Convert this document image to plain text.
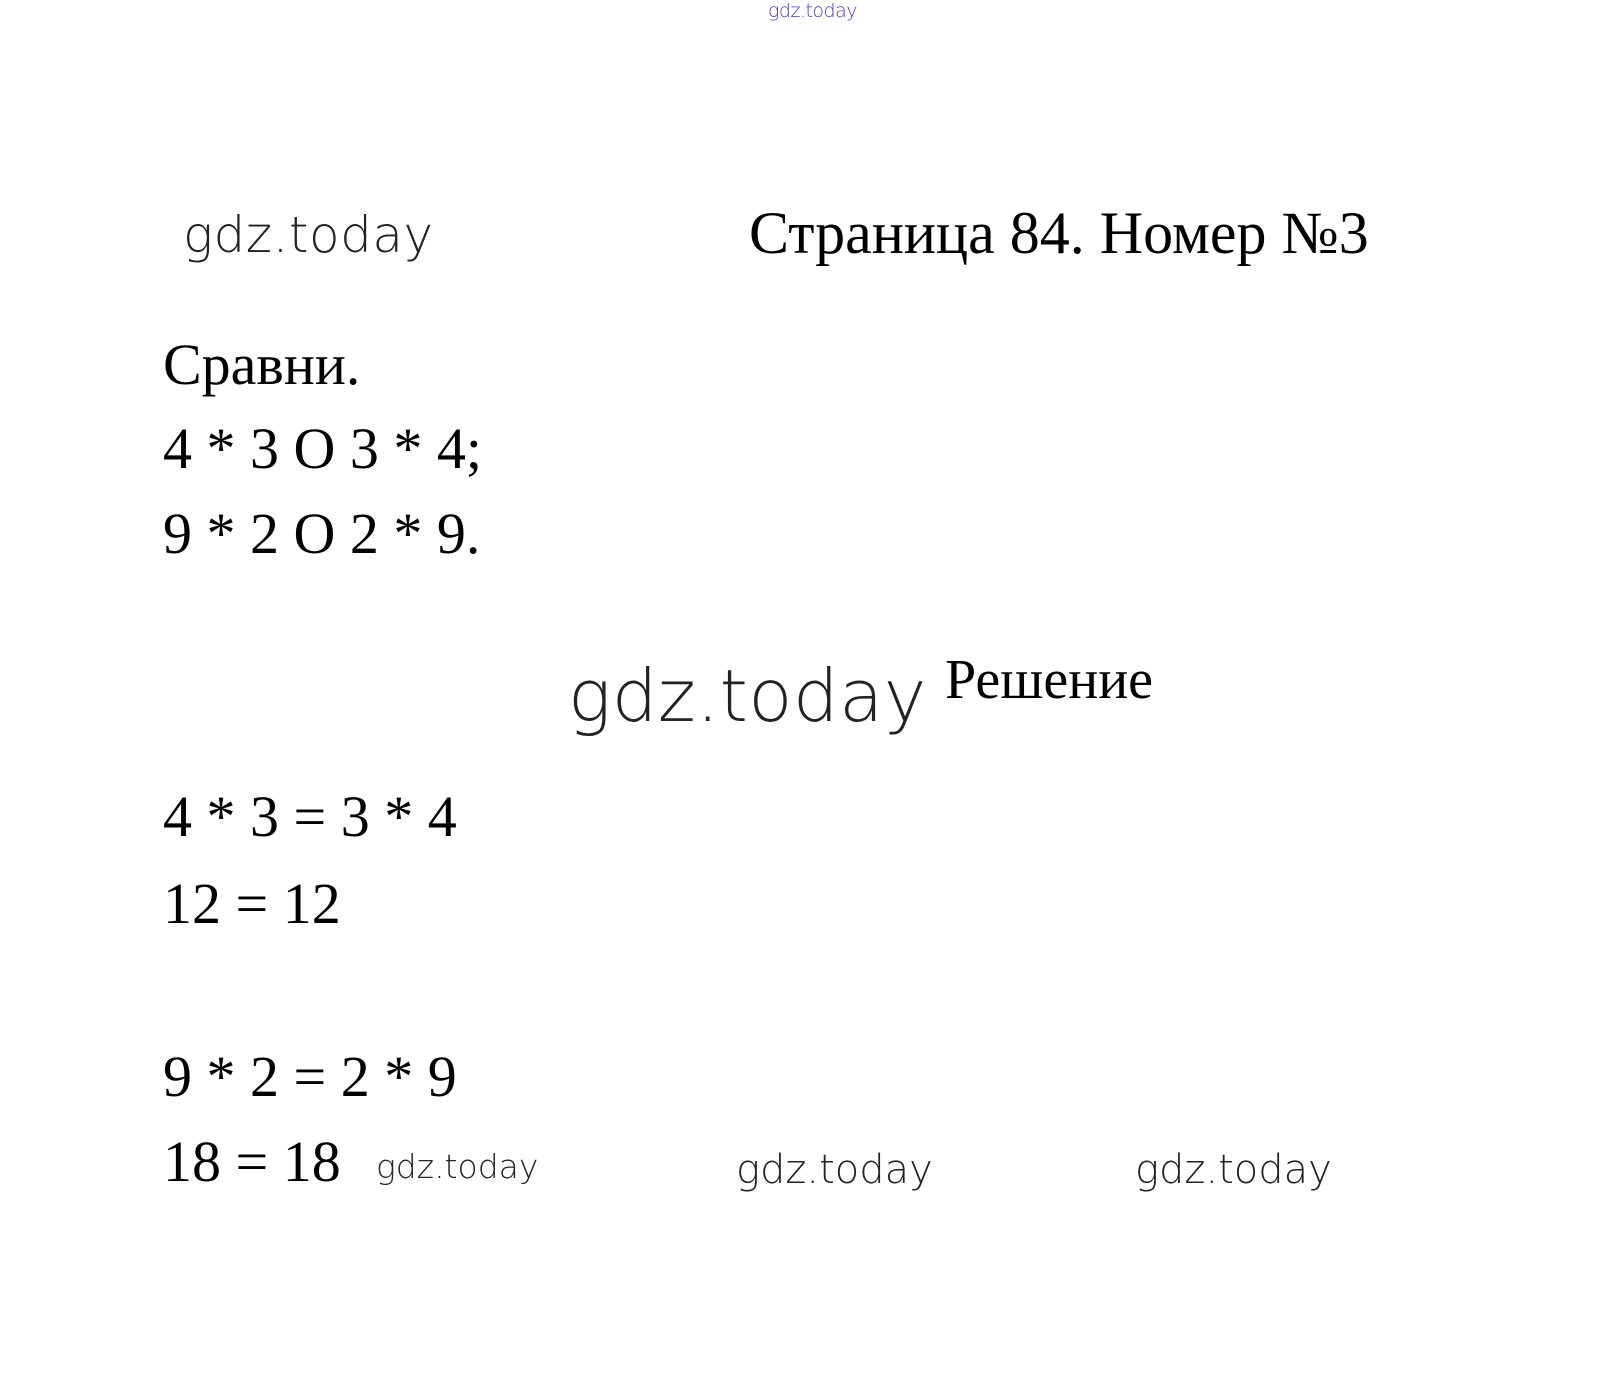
gdz.today
gdz.today	Страница 84. Номер №3
Сравни.
4 * 3 O 3 * 4;
9 * 2 O 2 * 9.
gdz.today Решение
4 * 3 = 3 * 4
12 = 12
9 * 2 = 2 * 9
18 = 18 gdz.today	gdz.today	gdz.today
